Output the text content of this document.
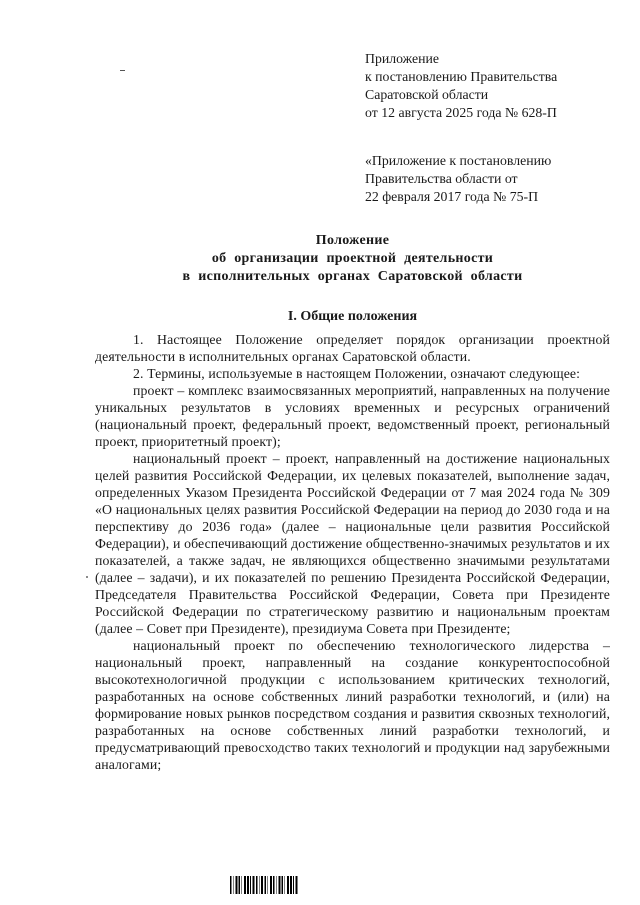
Приложение
к постановлению Правительства
Саратовской области
от 12 августа 2025 года № 628-П
«Приложение к постановлению
Правительства области от
22 февраля 2017 года № 75-П
Положение
об организации проектной деятельности
в исполнительных органах Саратовской области
I. Общие положения

1. Настоящее Положение определяет порядок организации проектной деятельности в исполнительных органах Саратовской области.

2. Термины, используемые в настоящем Положении, означают следующее:

проект – комплекс взаимосвязанных мероприятий, направленных на получение уникальных результатов в условиях временных и ресурсных ограничений (национальный проект, федеральный проект, ведомственный проект, региональный проект, приоритетный проект);

национальный проект – проект, направленный на достижение национальных целей развития Российской Федерации, их целевых показателей, выполнение задач, определенных Указом Президента Российской Федерации от 7 мая 2024 года № 309 «О национальных целях развития Российской Федерации на период до 2030 года и на перспективу до 2036 года» (далее – национальные цели развития Российской Федерации), и обеспечивающий достижение общественно-значимых результатов и их показателей, а также задач, не являющихся общественно значимыми результатами (далее – задачи), и их показателей по решению Президента Российской Федерации, Председателя Правительства Российской Федерации, Совета при Президенте Российской Федерации по стратегическому развитию и национальным проектам (далее – Совет при Президенте), президиума Совета при Президенте;

национальный проект по обеспечению технологического лидерства – национальный проект, направленный на создание конкурентоспособной высокотехнологичной продукции с использованием критических технологий, разработанных на основе собственных линий разработки технологий, и (или) на формирование новых рынков посредством создания и развития сквозных технологий, разработанных на основе собственных линий разработки технологий, и предусматривающий превосходство таких технологий и продукции над зарубежными аналогами;
